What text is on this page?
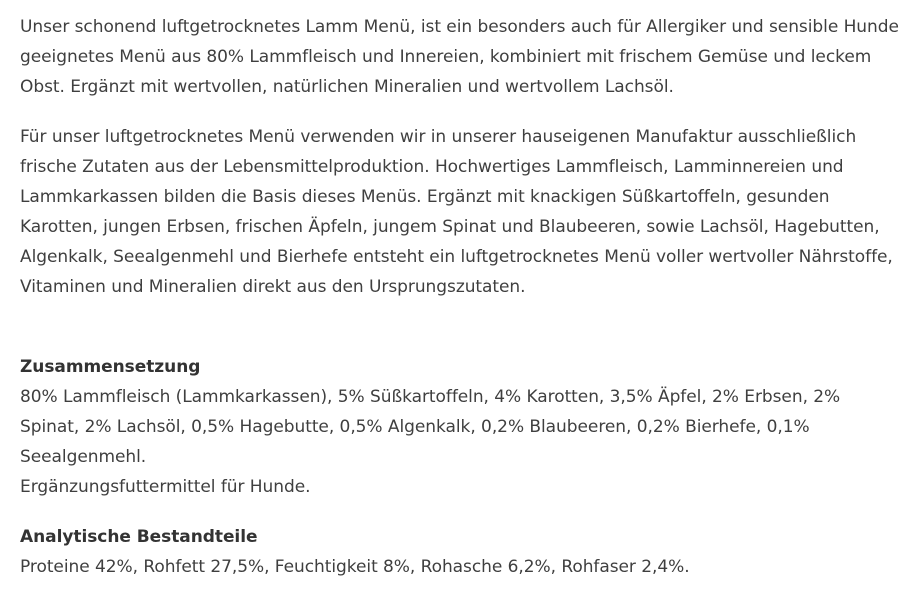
Unser schonend luftgetrocknetes Lamm Menü, ist ein besonders auch für Allergiker und sensible Hunde geeignetes Menü aus 80% Lammfleisch und Innereien, kombiniert mit frischem Gemüse und leckem Obst. Ergänzt mit wertvollen, natürlichen Mineralien und wertvollem Lachsöl.

Für unser luftgetrocknetes Menü verwenden wir in unserer hauseigenen Manufaktur ausschließlich frische Zutaten aus der Lebensmittelproduktion. Hochwertiges Lammfleisch, Lamminnereien und Lammkarkassen bilden die Basis dieses Menüs. Ergänzt mit knackigen Süßkartoffeln, gesunden Karotten, jungen Erbsen, frischen Äpfeln, jungem Spinat und Blaubeeren, sowie Lachsöl, Hagebutten, Algenkalk, Seealgenmehl und Bierhefe entsteht ein luftgetrocknetes Menü voller wertvoller Nährstoffe, Vitaminen und Mineralien direkt aus den Ursprungszutaten.

Zusammensetzung

80% Lammfleisch (Lammkarkassen), 5% Süßkartoffeln, 4% Karotten, 3,5% Äpfel, 2% Erbsen, 2% Spinat, 2% Lachsöl, 0,5% Hagebutte, 0,5% Algenkalk, 0,2% Blaubeeren, 0,2% Bierhefe, 0,1% Seealgenmehl.

Ergänzungsfuttermittel für Hunde.

Analytische Bestandteile

Proteine 42%, Rohfett 27,5%, Feuchtigkeit 8%, Rohasche 6,2%, Rohfaser 2,4%.
